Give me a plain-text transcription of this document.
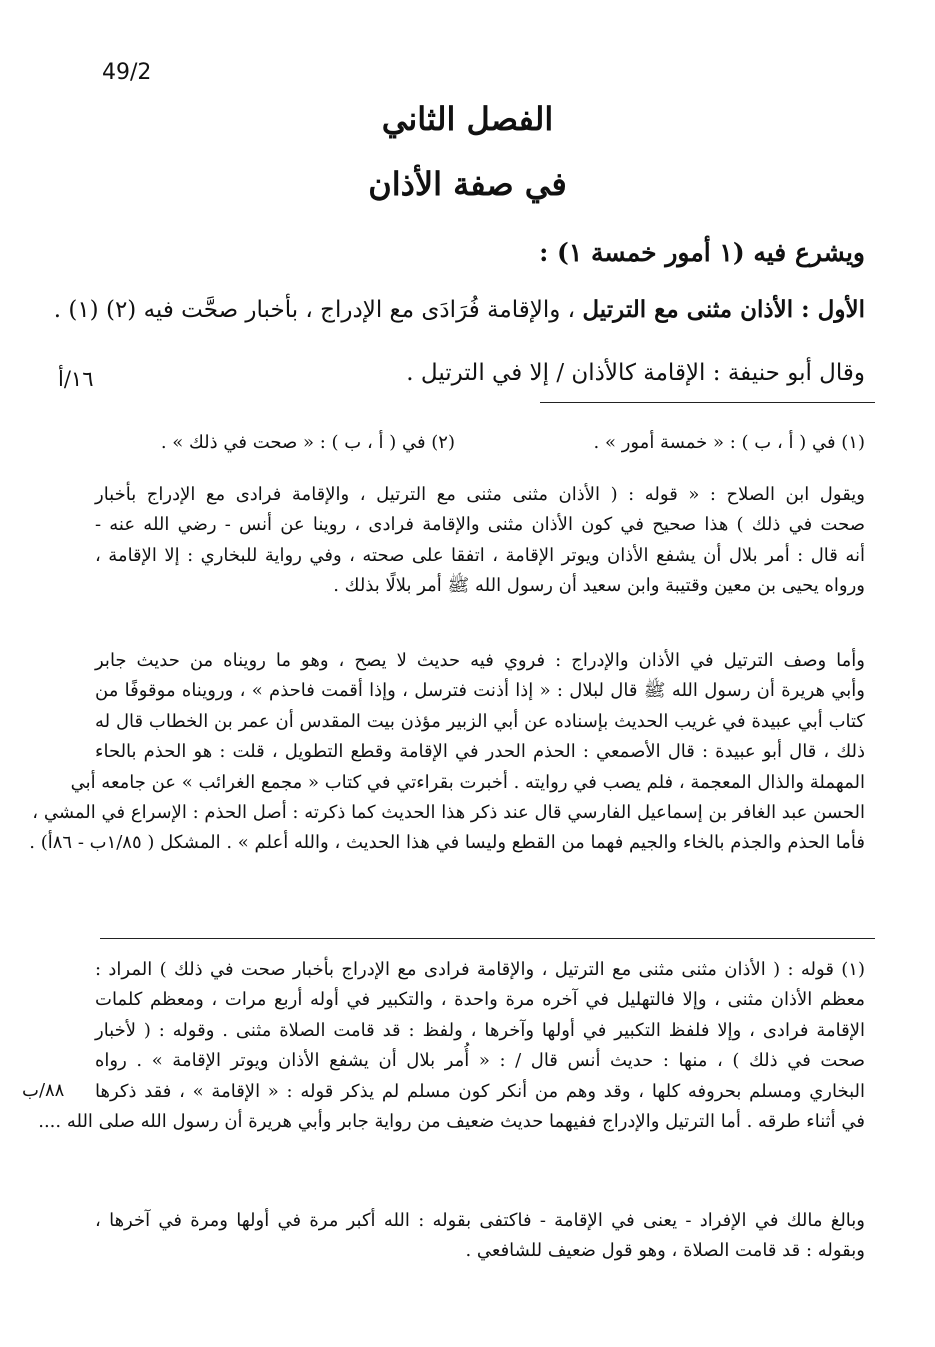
49/2
الفصل الثاني
في صفة الأذان
ويشرع فيه (١ أمور خمسة ١) :
الأول : الأذان مثنى مع الترتيل ، والإقامة فُرَادَى مع الإدراج ، بأخبار صحَّت فيه (٢) (١) .
وقال أبو حنيفة : الإقامة كالأذان / إلا في الترتيل .
١٦/أ
(١) في ( أ ، ب ) : « خمسة أمور » .
(٢) في ( أ ، ب ) : « صحت في ذلك » .
ويقول ابن الصلاح : « قوله : ( الأذان مثنى مثنى مع الترتيل ، والإقامة فرادى مع الإدراج بأخبار
صحت في ذلك ) هذا صحيح في كون الأذان مثنى والإقامة فرادى ، روينا عن أنس - رضي الله عنه -
أنه قال : أمر بلال أن يشفع الأذان ويوتر الإقامة ، اتفقا على صحته ، وفي رواية للبخاري : إلا الإقامة ،
ورواه يحيى بن معين وقتيبة وابن سعيد أن رسول الله ﷺ أمر بلالًا بذلك .
وأما وصف الترتيل في الأذان والإدراج : فروي فيه حديث لا يصح ، وهو ما رويناه من حديث جابر
وأبي هريرة أن رسول الله ﷺ قال لبلال : « إذا أذنت فترسل ، وإذا أقمت فاحذم » ، ورويناه موقوفًا من
كتاب أبي عبيدة في غريب الحديث بإسناده عن أبي الزبير مؤذن بيت المقدس أن عمر بن الخطاب قال له
ذلك ، قال أبو عبيدة : قال الأصمعي : الحذم الحدر في الإقامة وقطع التطويل ، قلت : هو الحذم بالحاء
المهملة والذال المعجمة ، فلم يصب في روايته . أخبرت بقراءتي في كتاب « مجمع الغرائب » عن جامعه أبي
الحسن عبد الغافر بن إسماعيل الفارسي قال عند ذكر هذا الحديث كما ذكرته : أصل الحذم : الإسراع في المشي ،
فأما الحذم والجذم بالخاء والجيم فهما من القطع وليسا في هذا الحديث ، والله أعلم » . المشكل ( ١/٨٥ب - ٨٦أ) .
(١) قوله : ( الأذان مثنى مثنى مع الترتيل ، والإقامة فرادى مع الإدراج بأخبار صحت في ذلك ) المراد :
معظم الأذان مثنى ، وإلا فالتهليل في آخره مرة واحدة ، والتكبير في أوله أربع مرات ، ومعظم كلمات
الإقامة فرادى ، وإلا فلفظ التكبير في أولها وآخرها ، ولفظ : قد قامت الصلاة مثنى . وقوله : ( لأخبار
صحت في ذلك ) ، منها : حديث أنس قال / : « أُمر بلال أن يشفع الأذان ويوتر الإقامة » . رواه
البخاري ومسلم بحروفه كلها ، وقد وهم من أنكر كون مسلم لم يذكر قوله : « الإقامة » ، فقد ذكرها
في أثناء طرقه . أما الترتيل والإدراج ففيهما حديث ضعيف من رواية جابر وأبي هريرة أن رسول الله صلى الله ....
٨٨/ب
وبالغ مالك في الإفراد - يعنى في الإقامة - فاكتفى بقوله : الله أكبر مرة في أولها ومرة في آخرها ،
وبقوله : قد قامت الصلاة ، وهو قول ضعيف للشافعي .
